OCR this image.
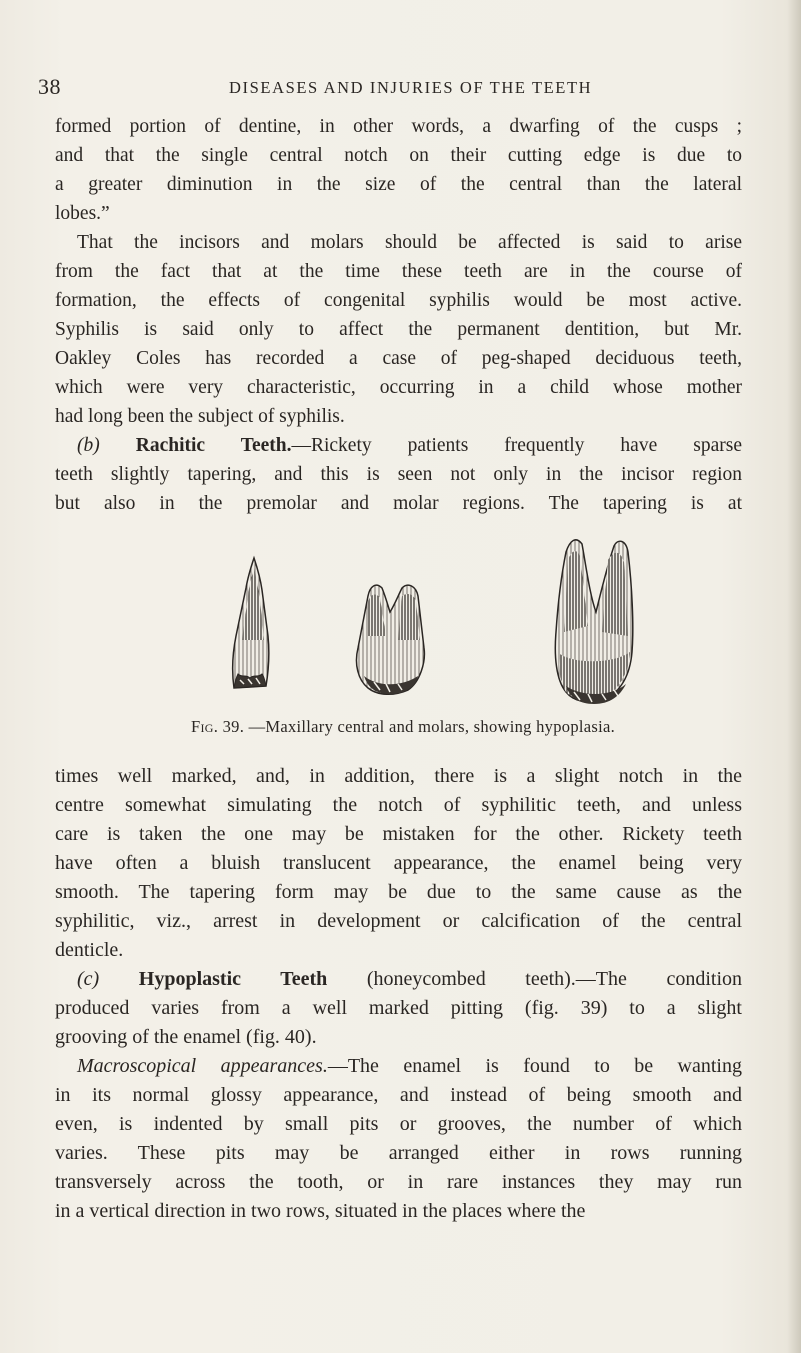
38	DISEASES AND INJURIES OF THE TEETH
formed portion of dentine, in other words, a dwarfing of the cusps ;
and that the single central notch on their cutting edge is due to
a greater diminution in the size of the central than the lateral
lobes.”
That the incisors and molars should be affected is said to arise
from the fact that at the time these teeth are in the course of
formation, the effects of congenital syphilis would be most active.
Syphilis is said only to affect the permanent dentition, but Mr.
Oakley Coles has recorded a case of peg-shaped deciduous teeth,
which were very characteristic, occurring in a child whose mother
had long been the subject of syphilis.
(b) Rachitic Teeth.—Rickety patients frequently have sparse
teeth slightly tapering, and this is seen not only in the incisor region
but also in the premolar and molar regions. The tapering is at
Fig. 39. —Maxillary central and molars, showing hypoplasia.
times well marked, and, in addition, there is a slight notch in the
centre somewhat simulating the notch of syphilitic teeth, and unless
care is taken the one may be mistaken for the other. Rickety teeth
have often a bluish translucent appearance, the enamel being very
smooth. The tapering form may be due to the same cause as the
syphilitic, viz., arrest in development or calcification of the central
denticle.
(c) Hypoplastic Teeth (honeycombed teeth).—The condition
produced varies from a well marked pitting (fig. 39) to a slight
grooving of the enamel (fig. 40).
Macroscopical appearances.—The enamel is found to be wanting
in its normal glossy appearance, and instead of being smooth and
even, is indented by small pits or grooves, the number of which
varies. These pits may be arranged either in rows running
transversely across the tooth, or in rare instances they may run
in a vertical direction in two rows, situated in the places where the
